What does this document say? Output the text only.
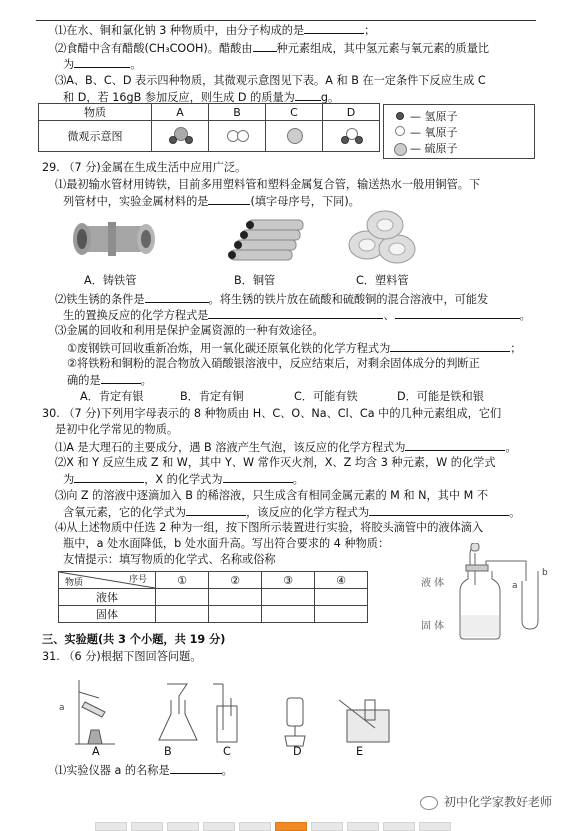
⑴在水、铜和氯化钠 3 种物质中，由分子构成的是	；
⑵食醋中含有醋酸(CH₃COOH)。醋酸由 种元素组成，其中氢元素与氧元素的质量比
为	。
⑶A、B、C、D 表示四种物质，其微观示意图见下表。A 和 B 在一定条件下反应生成 C
和 D，若 16gB 参加反应，则生成 D 的质量为 g。
物质	A	B	C	D
微观示意图	

— 氢原子
— 氧原子
— 硫原子
29. （7 分)金属在生成生活中应用广泛。
⑴最初输水管材用铸铁，目前多用塑料管和塑料金属复合管，输送热水一般用铜管。下
列管材中，实验金属材料的是	(填字母序号，下同)。
A．铸铁管	B．铜管	C．塑料管
⑵铁生锈的条件是	。将生锈的铁片放在硫酸和硫酸铜的混合溶液中，可能发
生的置换反应的化学方程式是	、	。
⑶金属的回收和利用是保护金属资源的一种有效途径。
①废钢铁可回收重新冶炼，用一氧化碳还原氧化铁的化学方程式为	；
②将铁粉和铜粉的混合物放入硝酸银溶液中，反应结束后，对剩余固体成分的判断正
确的是	。
A．肯定有银	B．肯定有铜	C．可能有铁	D．可能是铁和银
30. （7 分)下列用字母表示的 8 种物质由 H、C、O、Na、Cl、Ca 中的几种元素组成，它们
是初中化学常见的物质。
⑴A 是大理石的主要成分，遇 B 溶液产生气泡，该反应的化学方程式为	。
⑵X 和 Y 反应生成 Z 和 W，其中 Y、W 常作灭火剂，X、Z 均含 3 种元素，W 的化学式
为	，X 的化学式为	。
⑶向 Z 的溶液中逐滴加入 B 的稀溶液，只生成含有相同金属元素的 M 和 N，其中 M 不
含氧元素，它的化学式为	，该反应的化学方程式为	。
⑷从上述物质中任选 2 种为一组，按下图所示装置进行实验，将胶头滴管中的液体滴入
瓶中，a 处水面降低，b 处水面升高。写出符合要求的 4 种物质：
友情提示：填写物质的化学式、名称或俗称
物质 序号	①	②	③	④
液体				
固体				
a
b
液 体
固 体
三、实验题(共 3 个小题，共 19 分)
31. （6 分)根据下图回答问题。
a
A	B	C	D	E
⑴实验仪器 a 的名称是	。
初中化学家教好老师
